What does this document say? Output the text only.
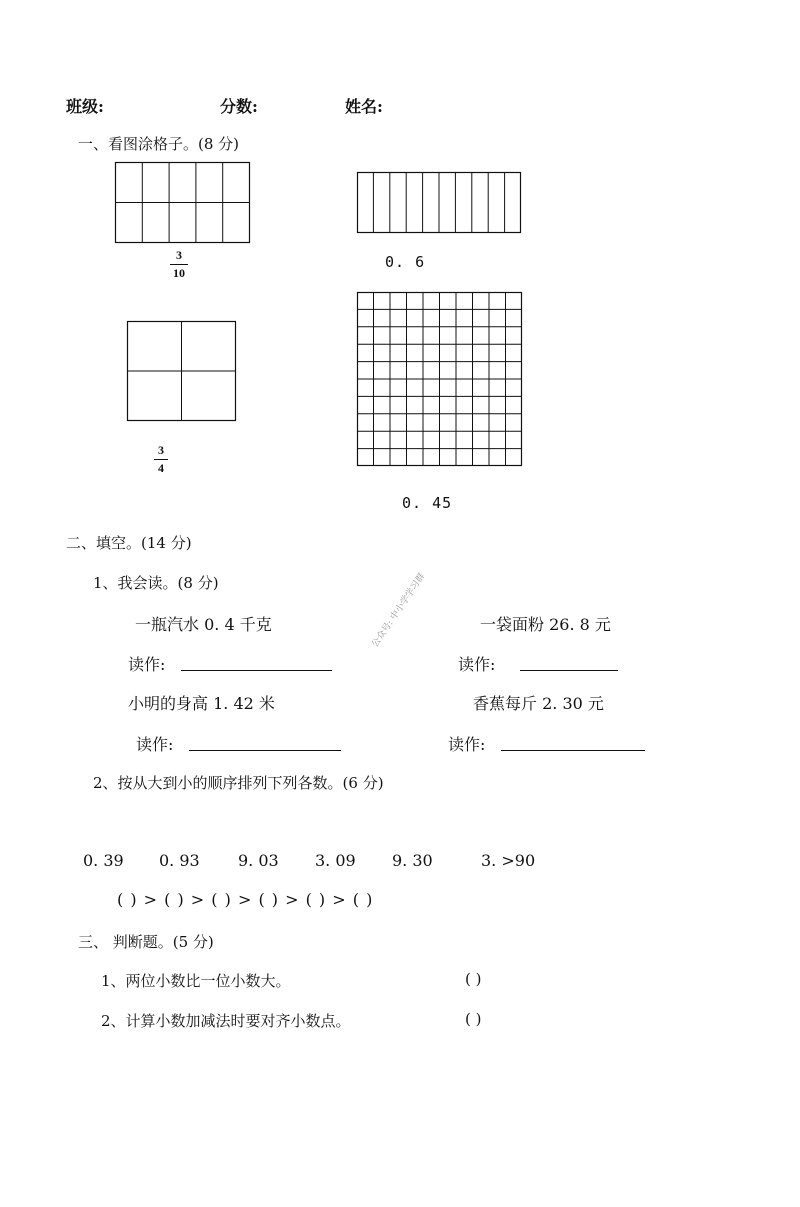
班级:	分数:	姓名:
一、看图涂格子。(8 分)
3
10
0. 6
3
4
0. 45
二、填空。(14 分)
1、我会读。(8 分)
一瓶汽水 0. 4 千克	一袋面粉 26. 8 元
读作:	读作:
小明的身高 1. 42 米	香蕉每斤 2. 30 元
读作:	读作:
2、按从大到小的顺序排列下列各数。(6 分)
0. 39 0. 93 9. 03 3. 09 9. 30	3. >90
( ) > ( ) > ( ) > ( ) > ( ) > ( )
三、 判断题。(5 分)
1、两位小数比一位小数大。	( )
2、计算小数加减法时要对齐小数点。	( )
公众号: 中小学学习群
